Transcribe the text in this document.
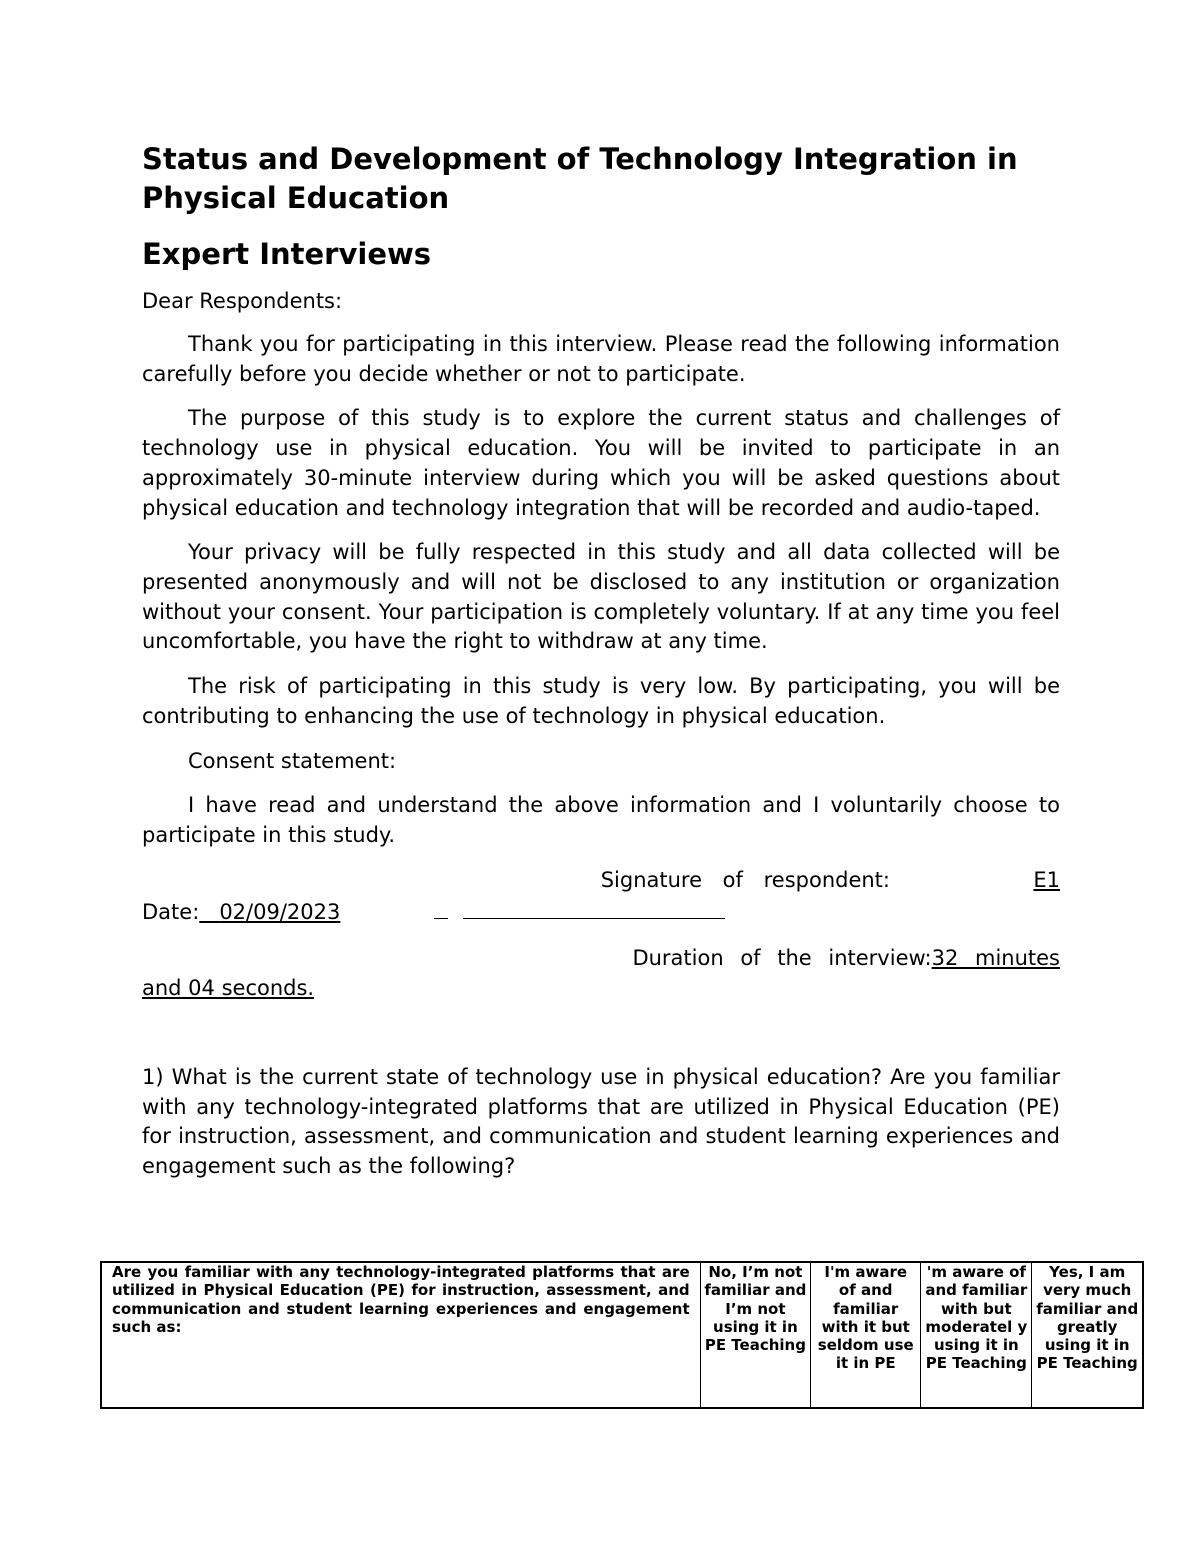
Status and Development of Technology Integration in Physical Education
Expert Interviews

Dear Respondents:

Thank you for participating in this interview. Please read the following information carefully before you decide whether or not to participate.

The purpose of this study is to explore the current status and challenges of technology use in physical education. You will be invited to participate in an approximately 30-minute interview during which you will be asked questions about physical education and technology integration that will be recorded and audio-taped.

Your privacy will be fully respected in this study and all data collected will be presented anonymously and will not be disclosed to any institution or organization without your consent. Your participation is completely voluntary. If at any time you feel uncomfortable, you have the right to withdraw at any time.

The risk of participating in this study is very low. By participating, you will be contributing to enhancing the use of technology in physical education.

Consent statement:

I have read and understand the above information and I voluntarily choose to participate in this study.

Signature of respondent:	E1
Date: 02/09/2023
Duration of the interview: 32 minutes
and 04 seconds.

1) What is the current state of technology use in physical education? Are you familiar with any technology-integrated platforms that are utilized in Physical Education (PE) for instruction, assessment, and communication and student learning experiences and engagement such as the following?

Are you familiar with any technology-integrated platforms that are utilized in Physical Education (PE) for instruction, assessment, and communication and student learning experiences and engagement such as:	No, I’m not familiar and I’m not using it in PE Teaching	I'm aware of and familiar with it but seldom use it in PE	'm aware of and familiar with but moderatel y using it in PE Teaching	Yes, I am very much familiar and greatly using it in PE Teaching
